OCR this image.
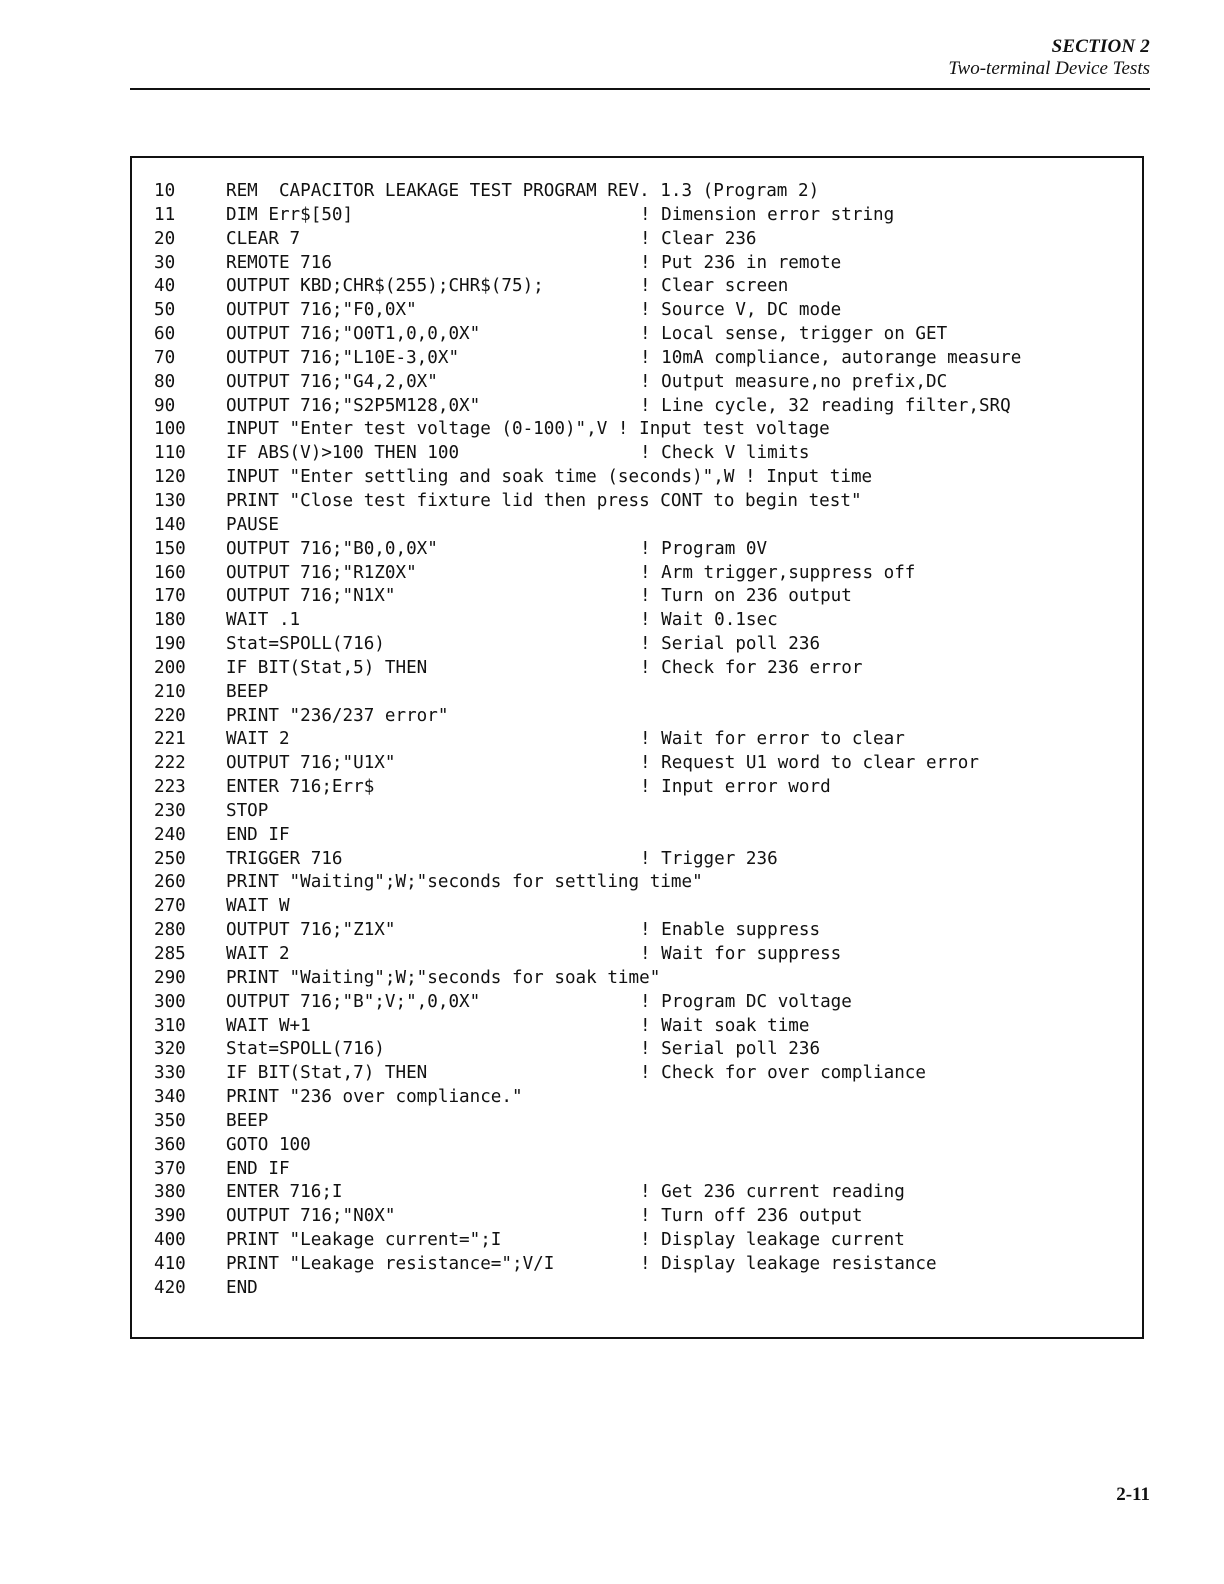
SECTION 2
Two-terminal Device Tests
10	REM  CAPACITOR LEAKAGE TEST PROGRAM REV. 1.3 (Program 2)
11	DIM Err$[50]	! Dimension error string
20	CLEAR 7	! Clear 236
30	REMOTE 716	! Put 236 in remote
40	OUTPUT KBD;CHR$(255);CHR$(75);	! Clear screen
50	OUTPUT 716;"F0,0X"	! Source V, DC mode
60	OUTPUT 716;"O0T1,0,0,0X"	! Local sense, trigger on GET
70	OUTPUT 716;"L10E-3,0X"	! 10mA compliance, autorange measure
80	OUTPUT 716;"G4,2,0X"	! Output measure,no prefix,DC
90	OUTPUT 716;"S2P5M128,0X"	! Line cycle, 32 reading filter,SRQ
100 INPUT "Enter test voltage (0-100)",V ! Input test voltage
110 IF ABS(V)>100 THEN 100	! Check V limits
120 INPUT "Enter settling and soak time (seconds)",W ! Input time
130 PRINT "Close test fixture lid then press CONT to begin test"
140 PAUSE
150 OUTPUT 716;"B0,0,0X"	! Program 0V
160 OUTPUT 716;"R1Z0X"	! Arm trigger,suppress off
170 OUTPUT 716;"N1X"	! Turn on 236 output
180 WAIT .1	! Wait 0.1sec
190 Stat=SPOLL(716)	! Serial poll 236
200 IF BIT(Stat,5) THEN	! Check for 236 error
210 BEEP
220 PRINT "236/237 error"
221 WAIT 2	! Wait for error to clear
222 OUTPUT 716;"U1X"	! Request U1 word to clear error
223 ENTER 716;Err$	! Input error word
230 STOP
240 END IF
250 TRIGGER 716	! Trigger 236
260 PRINT "Waiting";W;"seconds for settling time"
270 WAIT W
280 OUTPUT 716;"Z1X"	! Enable suppress
285 WAIT 2	! Wait for suppress
290 PRINT "Waiting";W;"seconds for soak time"
300 OUTPUT 716;"B";V;",0,0X"	! Program DC voltage
310 WAIT W+1	! Wait soak time
320 Stat=SPOLL(716)	! Serial poll 236
330 IF BIT(Stat,7) THEN	! Check for over compliance
340 PRINT "236 over compliance."
350 BEEP
360 GOTO 100
370 END IF
380 ENTER 716;I	! Get 236 current reading
390 OUTPUT 716;"N0X"	! Turn off 236 output
400 PRINT "Leakage current=";I	! Display leakage current
410 PRINT "Leakage resistance=";V/I	! Display leakage resistance
420 END
2-11
